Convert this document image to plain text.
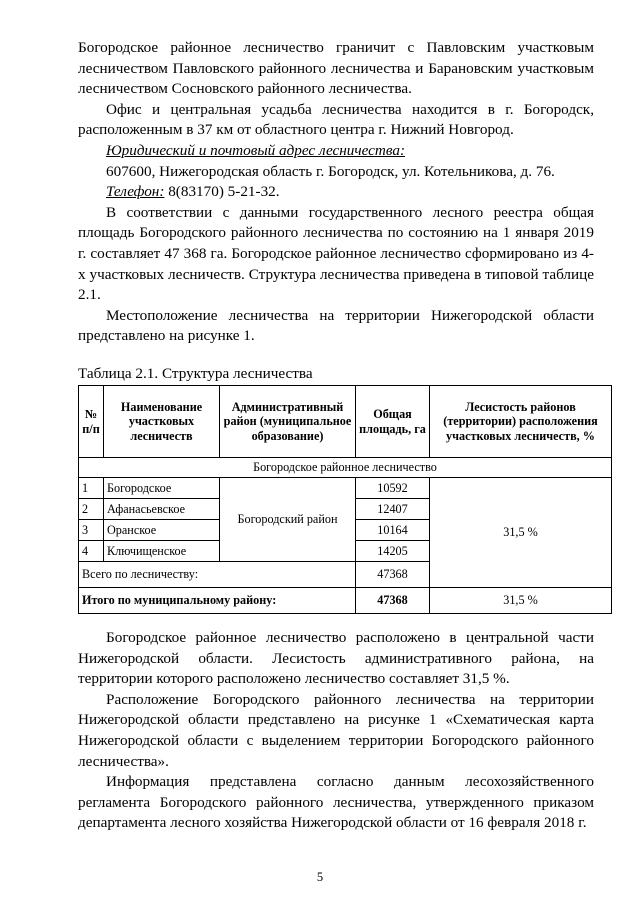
Богородское районное лесничество граничит с Павловским участковым лесничеством Павловского районного лесничества и Барановским участковым лесничеством Сосновского районного лесничества.

Офис и центральная усадьба лесничества находится в г. Богородск, расположенным в 37 км от областного центра г. Нижний Новгород.

Юридический и почтовый адрес лесничества:

607600, Нижегородская область г. Богородск, ул. Котельникова, д. 76.

Телефон: 8(83170) 5-21-32.

В соответствии с данными государственного лесного реестра общая площадь Богородского районного лесничества по состоянию на 1 января 2019 г. составляет 47 368 га. Богородское районное лесничество сформировано из 4-х участковых лесничеств. Структура лесничества приведена в типовой таблице 2.1.

Местоположение лесничества на территории Нижегородской области представлено на рисунке 1.

Таблица 2.1. Структура лесничества
№ п/п	Наименование участковых лесничеств	Административный район (муниципальное образование)	Общая площадь, га	Лесистость районов (территории) расположения участковых лесничеств, %
Богородское районное лесничество				
1	Богородское	Богородский район	10592	31,5 %
2	Афанасьевское		12407	
3	Оранское		10164	
4	Ключищенское		14205	
Всего по лесничеству:			47368	
Итого по муниципальному району:			47368	31,5 %

Богородское районное лесничество расположено в центральной части Нижегородской области. Лесистость административного района, на территории которого расположено лесничество составляет 31,5 %.

Расположение Богородского районного лесничества на территории Нижегородской области представлено на рисунке 1 «Схематическая карта Нижегородской области с выделением территории Богородского районного лесничества».

Информация представлена согласно данным лесохозяйственного регламента Богородского районного лесничества, утвержденного приказом департамента лесного хозяйства Нижегородской области от 16 февраля 2018 г.

5
